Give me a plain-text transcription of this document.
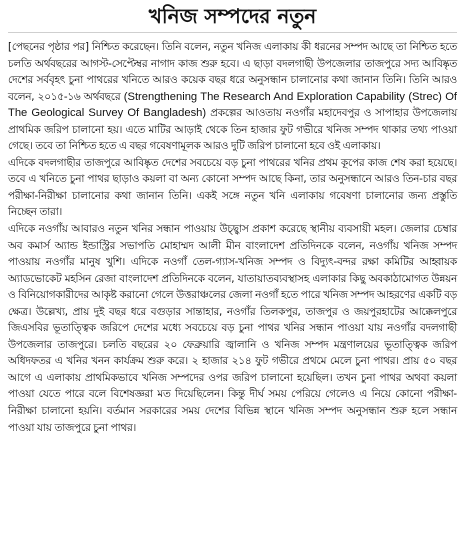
খনিজ সম্পদের নতুন

[পেছনের পৃষ্ঠার পর] নিশ্চিত করেছেন। তিনি বলেন, নতুন খনিজ এলাকায় কী ধরনের সম্পদ আছে তা নিশ্চিত হতে চলতি অর্থবছরের আগস্ট-সেপ্টেম্বর নাগাদ কাজ শুরু হবে। এ ছাড়া বদলগাছী উপজেলার তাজপুরে সদ্য আবিষ্কৃত দেশের সর্ববৃহৎ চুনা পাথরের খনিতে আরও কয়েক বছর ধরে অনুসন্ধান চালানোর কথা জানান তিনি। তিনি আরও বলেন, ২০১৫-১৬ অর্থবছরে (Strengthening The Research And Exploration Capability (Strec) Of The Geological Survey Of Bangladesh) প্রকল্পের আওতায় নওগাঁর মহাদেবপুর ও সাপাহার উপজেলায় প্রাথমিক জরিপ চালানো হয়। এতে মাটির আড়াই থেকে তিন হাজার ফুট গভীরে খনিজ সম্পদ থাকার তথ্য পাওয়া গেছে। তবে তা নিশ্চিত হতে এ বছর গবেষণামূলক আরও দুটি জরিপ চালানো হবে ওই এলাকায়।

এদিকে বদলগাছীর তাজপুরে আবিষ্কৃত দেশের সবচেয়ে বড় চুনা পাথরের খনির প্রথম কূপের কাজ শেষ করা হয়েছে। তবে এ খনিতে চুনা পাথর ছাড়াও কয়লা বা অন্য কোনো সম্পদ আছে কিনা, তার অনুসন্ধানে আরও তিন-চার বছর পরীক্ষা-নিরীক্ষা চালানোর কথা জানান তিনি। একই সঙ্গে নতুন খনি এলাকায় গবেষণা চালানোর জন্য প্রস্তুতি নিচ্ছেন তারা।

এদিকে নওগাঁয় আবারও নতুন খনির সন্ধান পাওয়ায় উচ্ছ্বাস প্রকাশ করেছে স্থানীয় ব্যবসায়ী মহল। জেলার চেম্বার অব কমার্স অ্যান্ড ইন্ডাস্ট্রির সভাপতি মোহাম্মদ আলী মীন বাংলাদেশ প্রতিদিনকে বলেন, নওগাঁয় খনিজ সম্পদ পাওয়ায় নওগাঁর মানুষ খুশি। এদিকে নওগাঁ তেল-গ্যাস-খনিজ সম্পদ ও বিদ্যুৎ-বন্দর রক্ষা কমিটির আহ্বায়ক অ্যাডভোকেট মহসিন রেজা বাংলাদেশ প্রতিদিনকে বলেন, যাতায়াতব্যবস্থাসহ এলাকার কিছু অবকাঠামোগত উন্নয়ন ও বিনিয়োগকারীদের আকৃষ্ট করানো গেলে উত্তরাঞ্চলের জেলা নওগাঁ হতে পারে খনিজ সম্পদ আহরণের একটি বড় ক্ষেত্র। উল্লেখ্য, প্রায় দুই বছর ধরে বগুড়ার সান্তাহার, নওগাঁর তিলকপুর, তাজপুর ও জয়পুরহাটের আক্কেলপুরে জিএসবির ভূতাত্ত্বিক জরিপে দেশের মধ্যে সবচেয়ে বড় চুনা পাথর খনির সন্ধান পাওয়া যায় নওগাঁর বদলগাছী উপজেলার তাজপুরে। চলতি বছরের ২০ ফেব্রুয়ারি জ্বালানি ও খনিজ সম্পদ মন্ত্রণালয়ের ভূতাত্ত্বিক জরিপ অধিদফতর এ খনির খনন কার্যক্রম শুরু করে। ২ হাজার ২১৪ ফুট গভীরে প্রথমে মেলে চুনা পাথর। প্রায় ৫০ বছর আগে এ এলাকায় প্রাথমিকভাবে খনিজ সম্পদের ওপর জরিপ চালানো হয়েছিল। তখন চুনা পাথর অথবা কয়লা পাওয়া যেতে পারে বলে বিশেষজ্ঞরা মত দিয়েছিলেন। কিন্তু দীর্ঘ সময় পেরিয়ে গেলেও এ নিয়ে কোনো পরীক্ষা-নিরীক্ষা চালানো হয়নি। বর্তমান সরকারের সময় দেশের বিভিন্ন স্থানে খনিজ সম্পদ অনুসন্ধান শুরু হলে সন্ধান পাওয়া যায় তাজপুরে চুনা পাথর।
